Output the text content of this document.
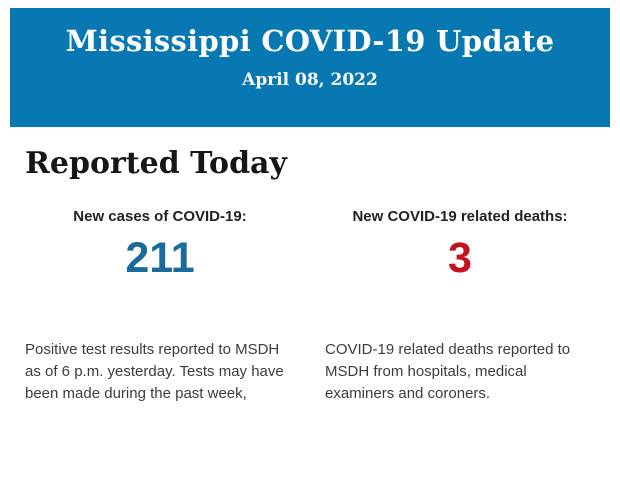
Mississippi COVID-19 Update
April 08, 2022
Reported Today
New cases of COVID-19:
211

Positive test results reported to MSDH as of 6 p.m. yesterday. Tests may have been made during the past week,

New COVID-19 related deaths:
3

COVID-19 related deaths reported to MSDH from hospitals, medical examiners and coroners.
